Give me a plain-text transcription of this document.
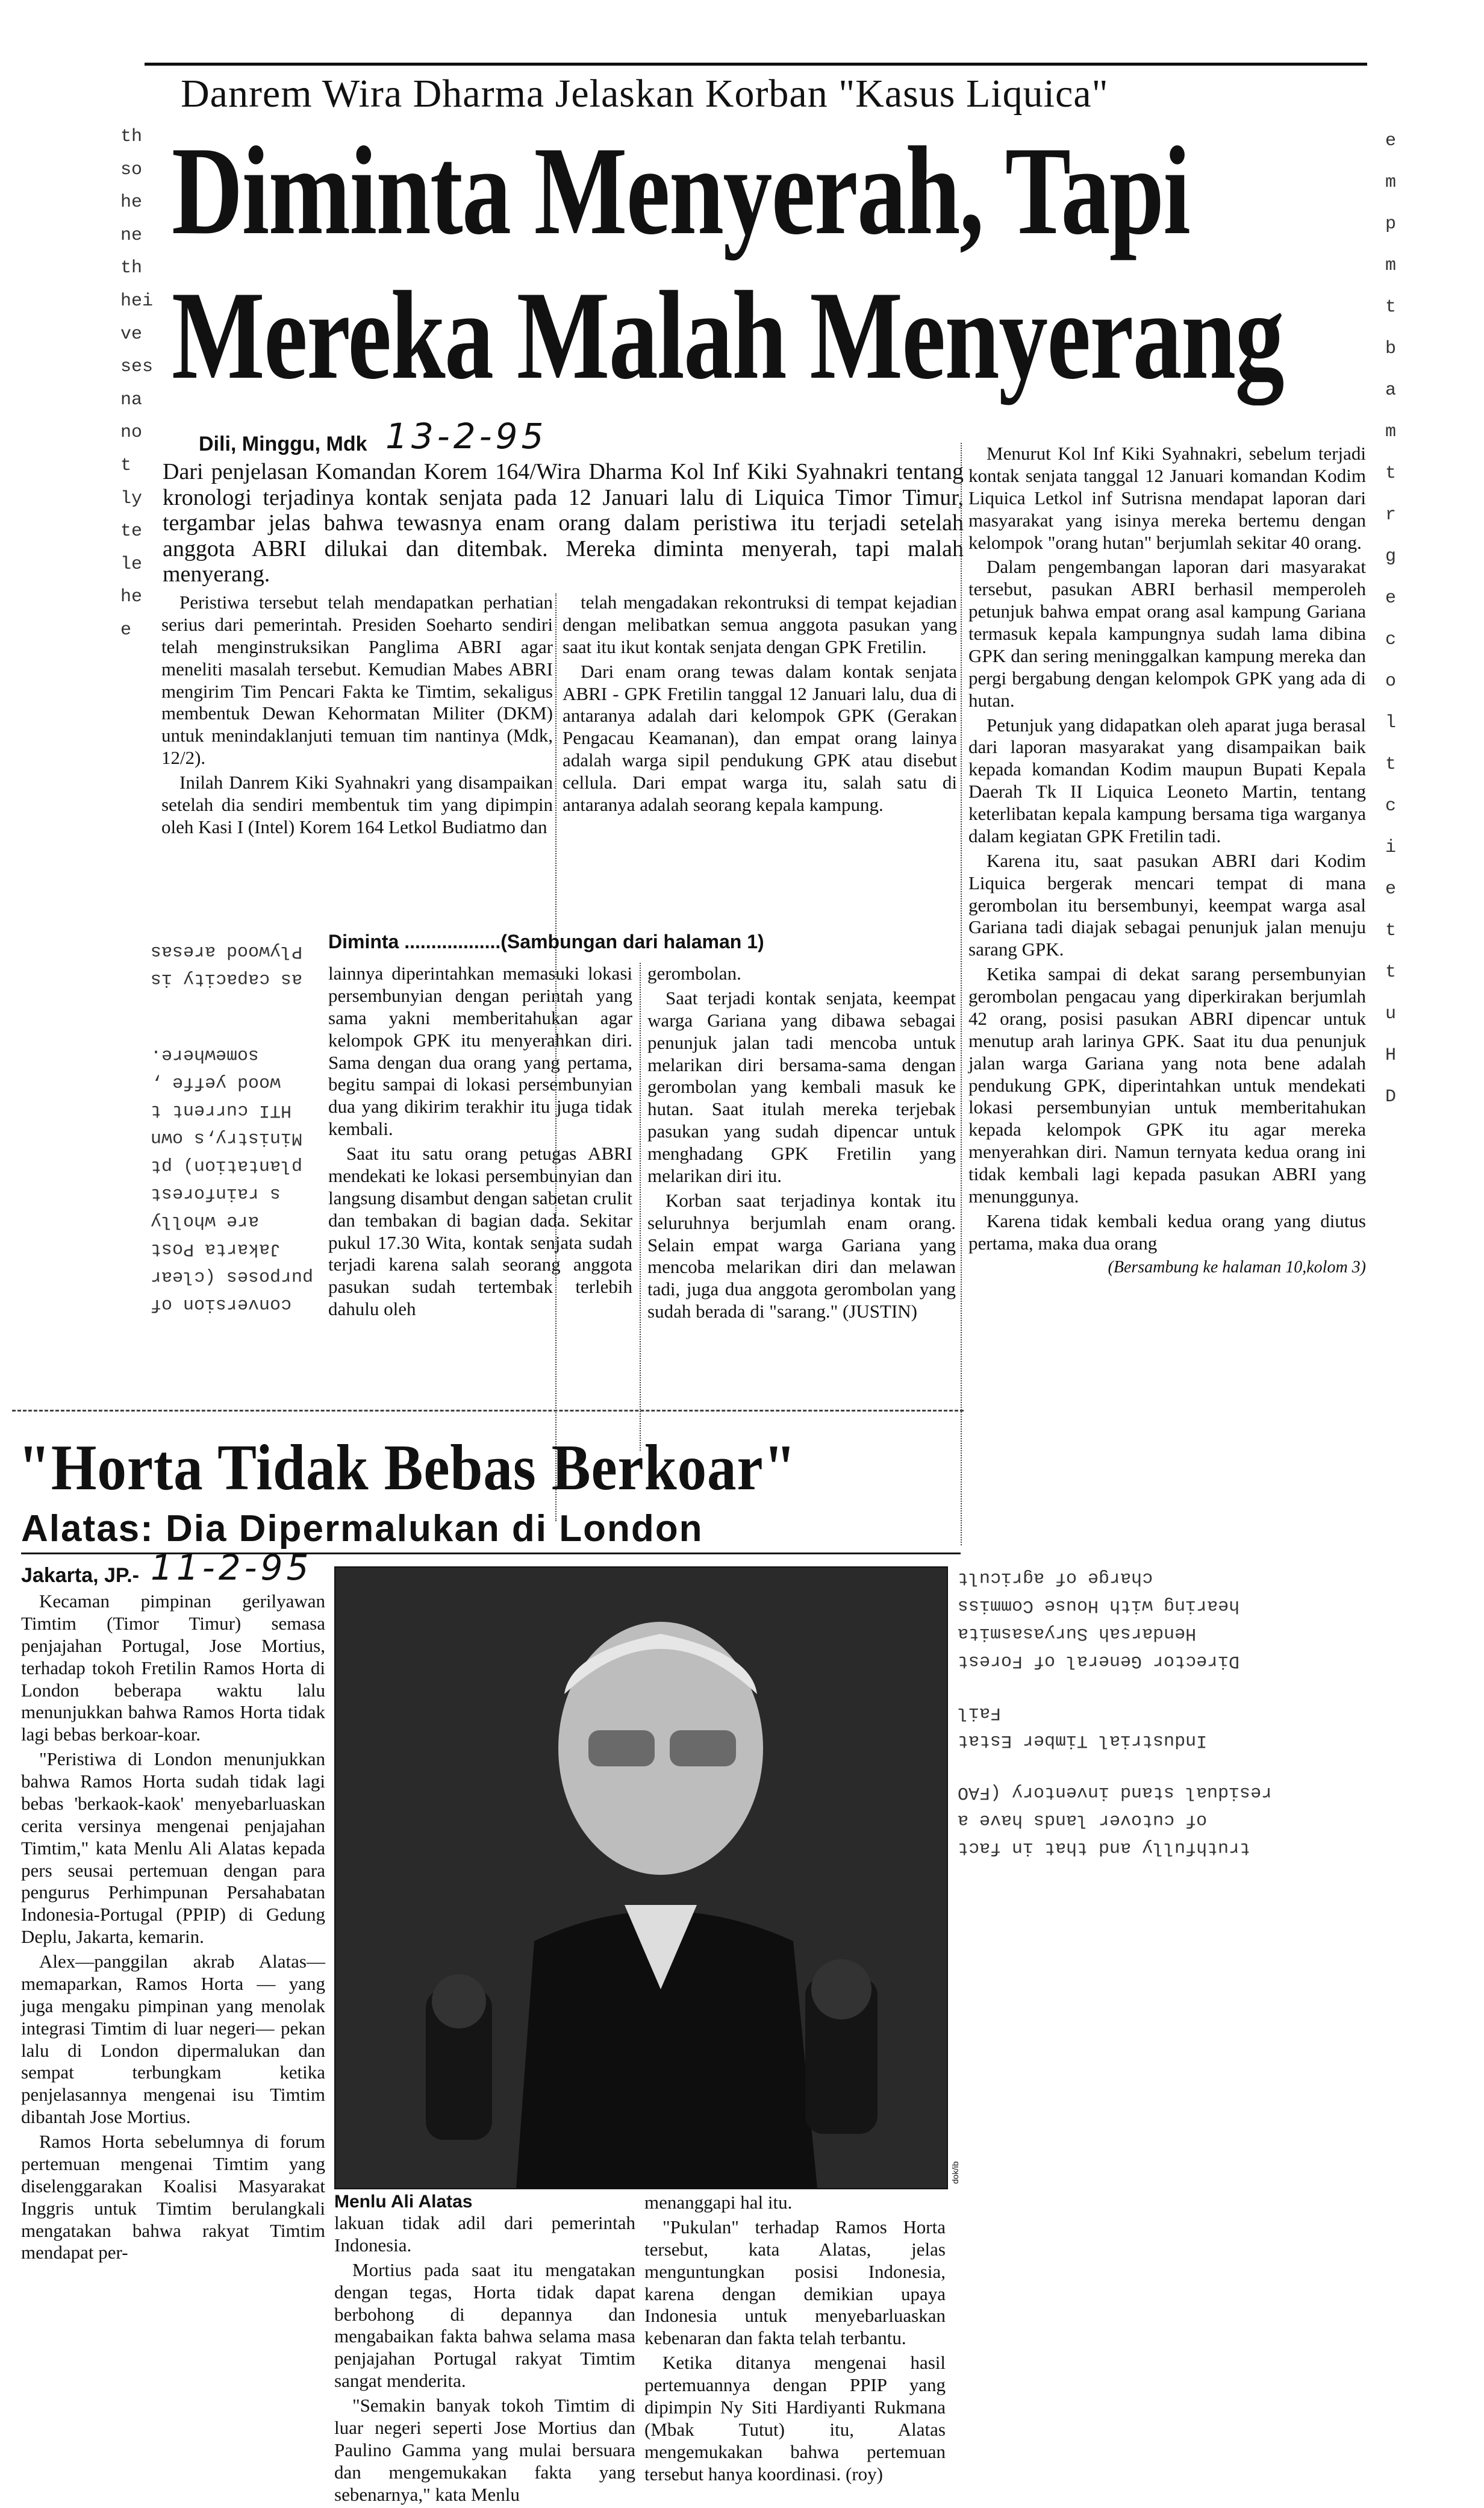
th
so
he
ne
th
hei
ve
ses
na
no
t
ly
te
le
he
e
e
m
p
m
t
b
a
m
t
r
g
e
c
o
l
t
c
i
e
t
t
u
H
D
Danrem Wira Dharma Jelaskan Korban "Kasus Liquica"
Diminta Menyerah, Tapi
Mereka Malah Menyerang
Dili, Minggu, Mdk 13-2-95
Dari penjelasan Komandan Korem 164/Wira Dharma Kol Inf Kiki Syahnakri tentang kronologi terjadinya kontak senjata pada 12 Januari lalu di Liquica Timor Timur, tergambar jelas bahwa tewasnya enam orang dalam peristiwa itu terjadi setelah anggota ABRI dilukai dan ditembak. Mereka diminta menyerah, tapi malah menyerang.

Peristiwa tersebut telah mendapatkan perhatian serius dari pemerintah. Presiden Soeharto sendiri telah menginstruksikan Panglima ABRI agar meneliti masalah tersebut. Kemudian Mabes ABRI mengirim Tim Pencari Fakta ke Timtim, sekaligus membentuk Dewan Kehormatan Militer (DKM) untuk menindaklanjuti temuan tim nantinya (Mdk, 12/2).

Inilah Danrem Kiki Syahnakri yang disampaikan setelah dia sendiri membentuk tim yang dipimpin oleh Kasi I (Intel) Korem 164 Letkol Budiatmo dan

telah mengadakan rekontruksi di tempat kejadian dengan melibatkan semua anggota pasukan yang saat itu ikut kontak senjata dengan GPK Fretilin.

Dari enam orang tewas dalam kontak senjata ABRI - GPK Fretilin tanggal 12 Januari lalu, dua di antaranya adalah dari kelompok GPK (Gerakan Pengacau Keamanan), dan empat orang lainya adalah warga sipil pendukung GPK atau disebut cellula. Dari empat warga itu, salah satu di antaranya adalah seorang kepala kampung.

Menurut Kol Inf Kiki Syahnakri, sebelum terjadi kontak senjata tanggal 12 Januari komandan Kodim Liquica Letkol inf Sutrisna mendapat laporan dari masyarakat yang isinya mereka bertemu dengan kelompok "orang hutan" berjumlah sekitar 40 orang.

Dalam pengembangan laporan dari masyarakat tersebut, pasukan ABRI berhasil memperoleh petunjuk bahwa empat orang asal kampung Gariana termasuk kepala kampungnya sudah lama dibina GPK dan sering meninggalkan kampung mereka dan pergi bergabung dengan kelompok GPK yang ada di hutan.

Petunjuk yang didapatkan oleh aparat juga berasal dari laporan masyarakat yang disampaikan baik kepada komandan Kodim maupun Bupati Kepala Daerah Tk II Liquica Leoneto Martin, tentang keterlibatan kepala kampung bersama tiga warganya dalam kegiatan GPK Fretilin tadi.

Karena itu, saat pasukan ABRI dari Kodim Liquica bergerak mencari tempat di mana gerombolan itu bersembunyi, keempat warga asal Gariana tadi diajak sebagai penunjuk jalan menuju sarang GPK.

Ketika sampai di dekat sarang persembunyian gerombolan pengacau yang diperkirakan berjumlah 42 orang, posisi pasukan ABRI dipencar untuk menutup arah larinya GPK. Saat itu dua penunjuk jalan warga Gariana yang nota bene adalah pendukung GPK, diperintahkan untuk mendekati lokasi persembunyian untuk memberitahukan kepada kelompok GPK itu agar mereka menyerahkan diri. Namun ternyata kedua orang ini tidak kembali lagi kepada pasukan ABRI yang menunggunya.

Karena tidak kembali kedua orang yang diutus pertama, maka dua orang

(Bersambung ke halaman 10,kolom 3)

Diminta ..................(Sambungan dari halaman 1)

lainnya diperintahkan memasuki lokasi persembunyian dengan perintah yang sama yakni memberitahukan agar kelompok GPK itu menyerahkan diri. Sama dengan dua orang yang pertama, begitu sampai di lokasi persembunyian dua yang dikirim terakhir itu juga tidak kembali.

Saat itu satu orang petugas ABRI mendekati ke lokasi persembunyian dan langsung disambut dengan sabetan crulit dan tembakan di bagian dada. Sekitar pukul 17.30 Wita, kontak senjata sudah terjadi karena salah seorang anggota pasukan sudah tertembak terlebih dahulu oleh

gerombolan.

Saat terjadi kontak senjata, keempat warga Gariana yang dibawa sebagai penunjuk jalan tadi mencoba untuk melarikan diri bersama-sama dengan gerombolan yang kembali masuk ke hutan. Saat itulah mereka terjebak pasukan yang sudah dipencar untuk menghadang GPK Fretilin yang melarikan diri itu.

Korban saat terjadinya kontak itu seluruhnya berjumlah enam orang. Selain empat warga Gariana yang mencoba melarikan diri dan melawan tadi, juga dua anggota gerombolan yang sudah berada di "sarang." (JUSTIN)

Plywood aresas
as capacity is
somewhere.
wood yeffe ,
HTI current t
Ministry,s own
plantation) pt
s rainforest
are wholly
Jakarta Post
purposes (clear
conversion of
"Horta Tidak Bebas Berkoar"
Alatas: Dia Dipermalukan di London
Jakarta, JP.- 11-2-95

Kecaman pimpinan gerilyawan Timtim (Timor Timur) semasa penjajahan Portugal, Jose Mortius, terhadap tokoh Fretilin Ramos Horta di London beberapa waktu lalu menunjukkan bahwa Ramos Horta tidak lagi bebas berkoar-koar.

"Peristiwa di London menunjukkan bahwa Ramos Horta sudah tidak lagi bebas 'berkaok-kaok' menyebarluaskan cerita versinya mengenai penjajahan Timtim," kata Menlu Ali Alatas kepada pers seusai pertemuan dengan para pengurus Perhimpunan Persahabatan Indonesia-Portugal (PPIP) di Gedung Deplu, Jakarta, kemarin.

Alex—panggilan akrab Alatas—memaparkan, Ramos Horta — yang juga mengaku pimpinan yang menolak integrasi Timtim di luar negeri— pekan lalu di London dipermalukan dan sempat terbungkam ketika penjelasannya mengenai isu Timtim dibantah Jose Mortius.

Ramos Horta sebelumnya di forum pertemuan mengenai Timtim yang diselenggarakan Koalisi Masyarakat Inggris untuk Timtim berulangkali mengatakan bahwa rakyat Timtim mendapat per-

dok/ib
Menlu Ali Alatas

lakuan tidak adil dari pemerintah Indonesia.

Mortius pada saat itu mengatakan dengan tegas, Horta tidak dapat berbohong di depannya dan mengabaikan fakta bahwa selama masa penjajahan Portugal rakyat Timtim sangat menderita.

"Semakin banyak tokoh Timtim di luar negeri seperti Jose Mortius dan Paulino Gamma yang mulai bersuara dan mengemukakan fakta yang sebenarnya," kata Menlu

menanggapi hal itu.

"Pukulan" terhadap Ramos Horta tersebut, kata Alatas, jelas menguntungkan posisi Indonesia, karena dengan demikian upaya Indonesia untuk menyebarluaskan kebenaran dan fakta telah terbantu.

Ketika ditanya mengenai hasil pertemuannya dengan PPIP yang dipimpin Ny Siti Hardiyanti Rukmana (Mbak Tutut) itu, Alatas mengemukakan bahwa pertemuan tersebut hanya koordinasi. (roy)

charge of agricult
hearing with House Commiss
Hendarsah Suryasasmita
Director General of Forest
Fail
Industrial Timber Estat
residual stand inventory (FAO
of cutover lands have a
truthfully and that in fact
